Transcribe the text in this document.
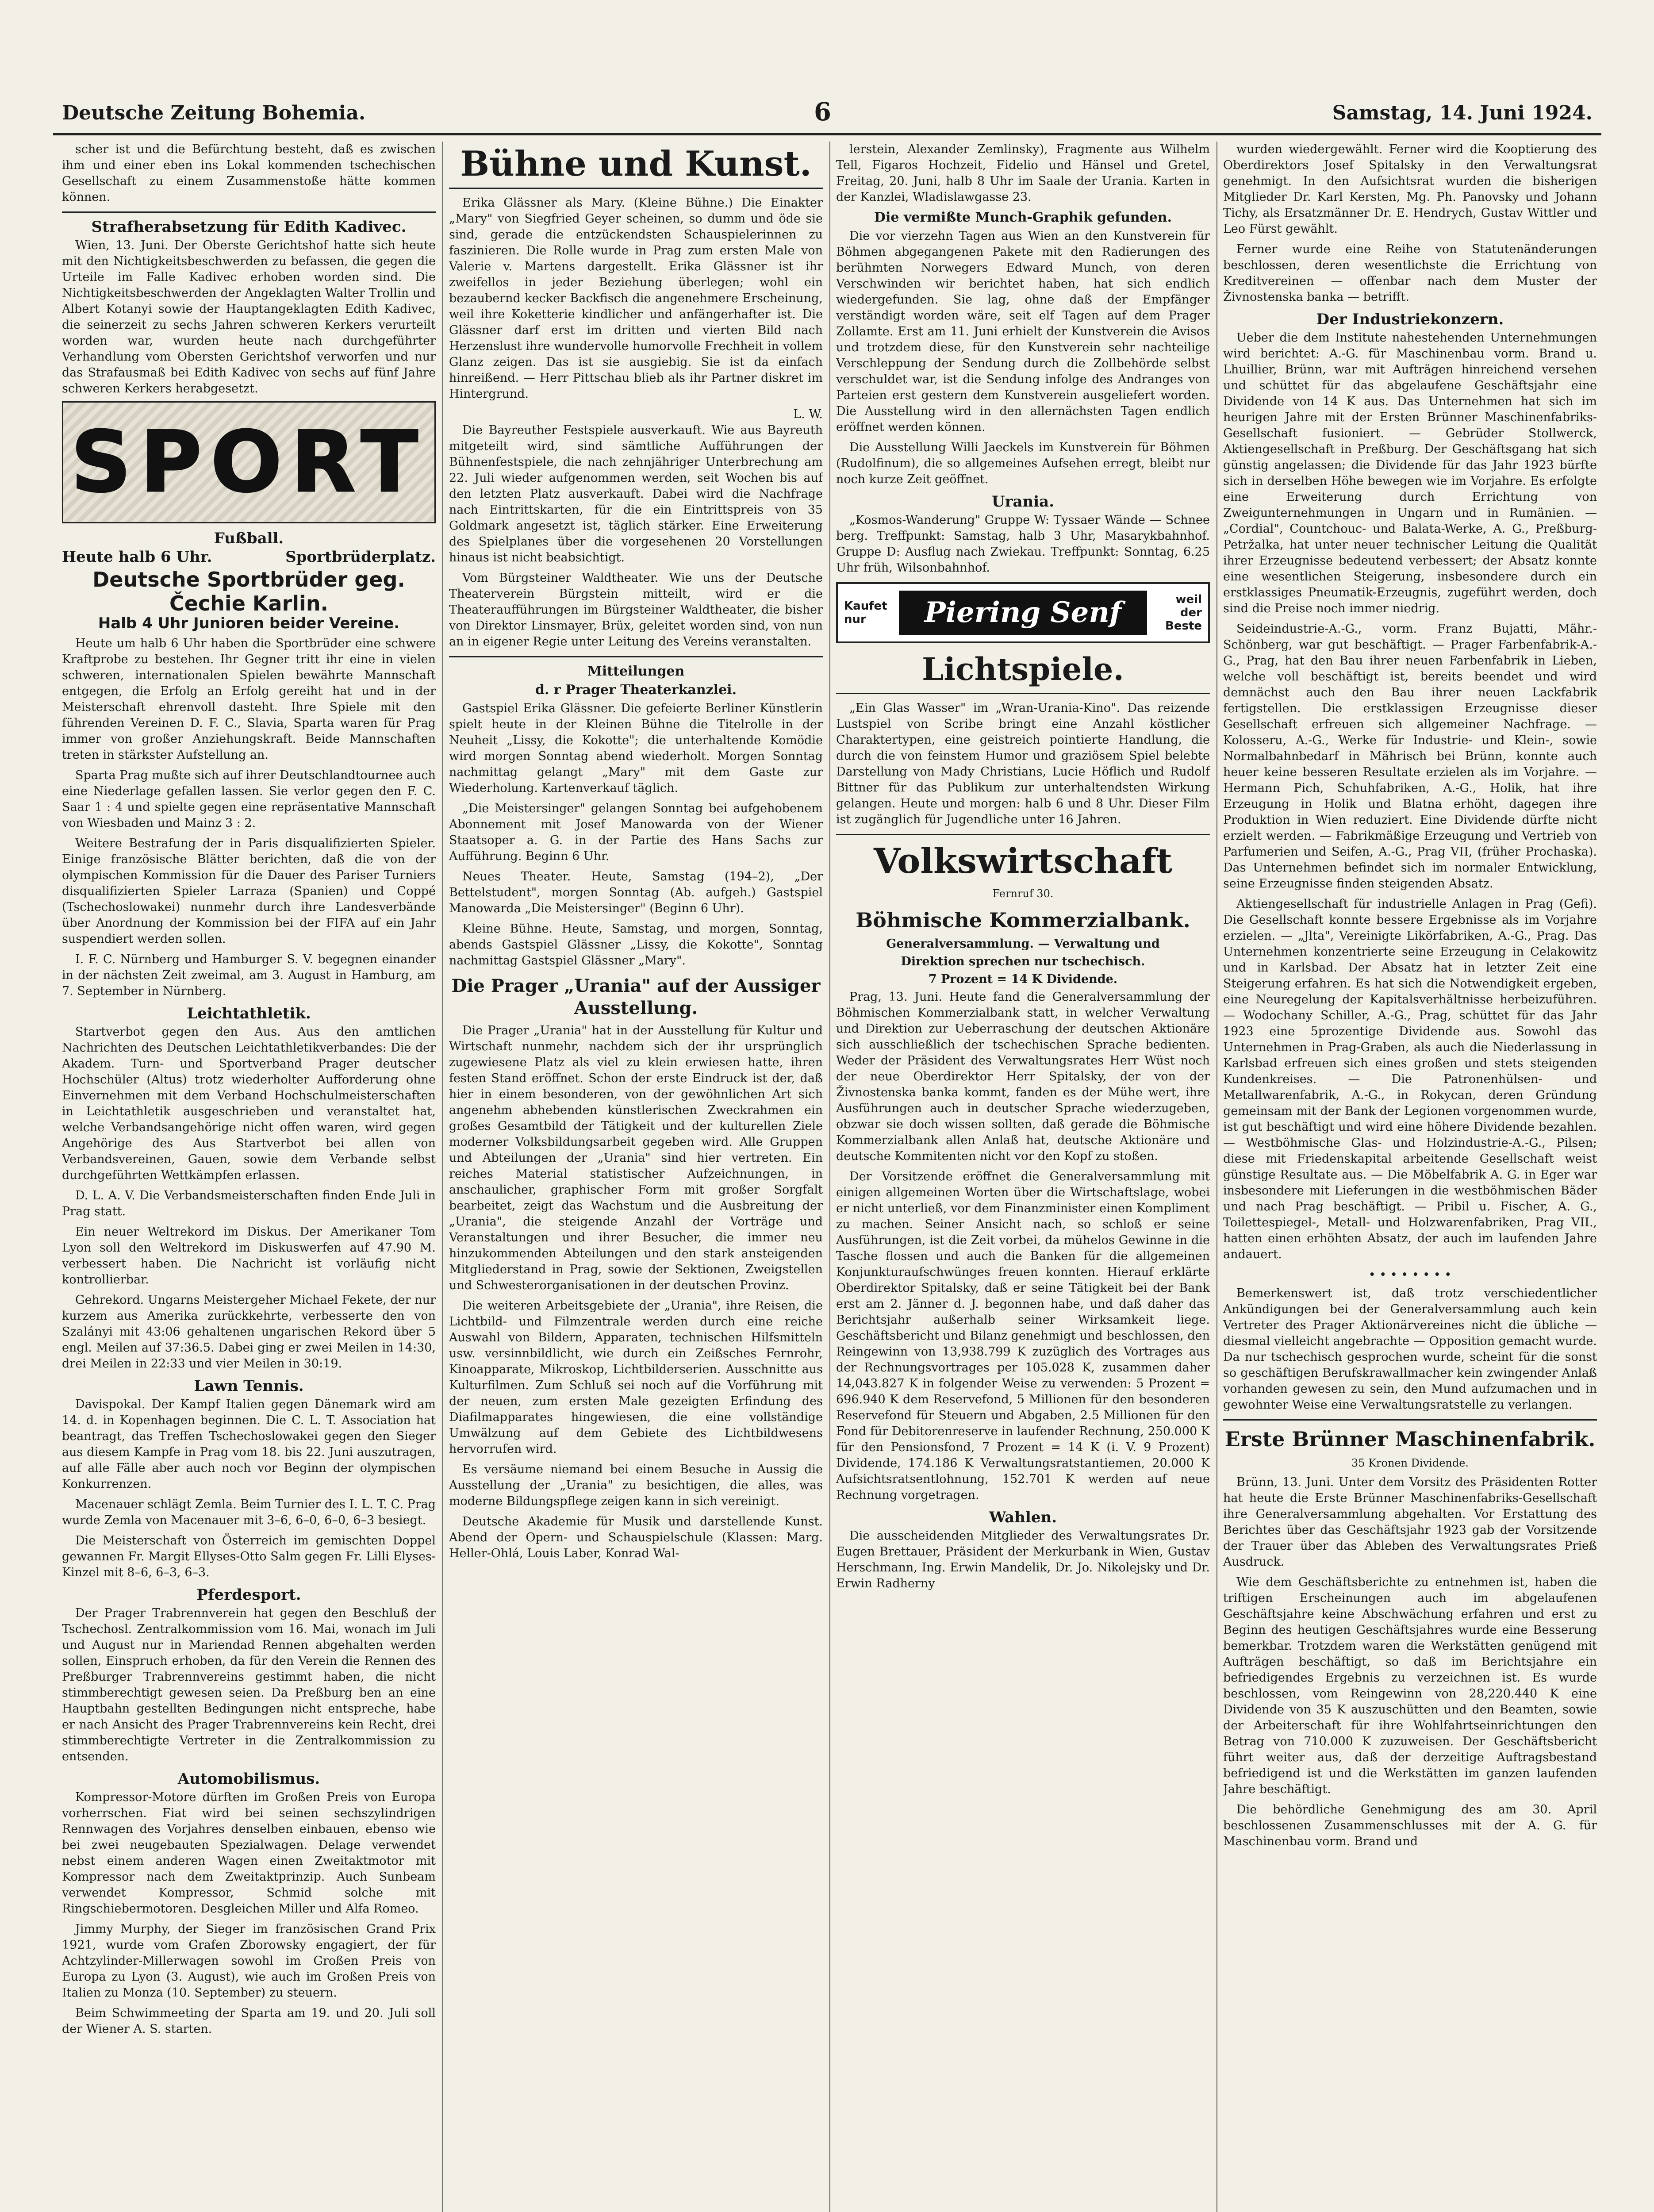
Deutsche Zeitung Bohemia.	6	Samstag, 14. Juni 1924.

scher ist und die Befürchtung besteht, daß es zwischen ihm und einer eben ins Lokal kommenden tschechischen Gesellschaft zu einem Zusammenstoße hätte kommen können.

Strafherabsetzung für Edith Kadivec.

Wien, 13. Juni. Der Oberste Gerichtshof hatte sich heute mit den Nichtigkeitsbeschwerden zu befassen, die gegen die Urteile im Falle Kadivec erhoben worden sind. Die Nichtigkeitsbeschwerden der Angeklagten Walter Trollin und Albert Kotanyi sowie der Hauptangeklagten Edith Kadivec, die seinerzeit zu sechs Jahren schweren Kerkers verurteilt worden war, wurden heute nach durchgeführter Verhandlung vom Obersten Gerichtshof verworfen und nur das Strafausmaß bei Edith Kadivec von sechs auf fünf Jahre schweren Kerkers herabgesetzt.

SPORT
Fußball.
Heute halb 6 Uhr.	Sportbrüderplatz.
Deutsche Sportbrüder geg. Čechie Karlin.
Halb 4 Uhr Junioren beider Vereine.

Heute um halb 6 Uhr haben die Sportbrüder eine schwere Kraftprobe zu bestehen. Ihr Gegner tritt ihr eine in vielen schweren, internationalen Spielen bewährte Mannschaft entgegen, die Erfolg an Erfolg gereiht hat und in der Meisterschaft ehrenvoll dasteht. Ihre Spiele mit den führenden Vereinen D. F. C., Slavia, Sparta waren für Prag immer von großer Anziehungskraft. Beide Mannschaften treten in stärkster Aufstellung an.

Sparta Prag mußte sich auf ihrer Deutschlandtournee auch eine Niederlage gefallen lassen. Sie verlor gegen den F. C. Saar 1 : 4 und spielte gegen eine repräsentative Mannschaft von Wiesbaden und Mainz 3 : 2.

Weitere Bestrafung der in Paris disqualifizierten Spieler. Einige französische Blätter berichten, daß die von der olympischen Kommission für die Dauer des Pariser Turniers disqualifizierten Spieler Larraza (Spanien) und Coppé (Tschechoslowakei) nunmehr durch ihre Landesverbände über Anordnung der Kommission bei der FIFA auf ein Jahr suspendiert werden sollen.

I. F. C. Nürnberg und Hamburger S. V. begegnen einander in der nächsten Zeit zweimal, am 3. August in Hamburg, am 7. September in Nürnberg.

Leichtathletik.

Startverbot gegen den Aus. Aus den amtlichen Nachrichten des Deutschen Leichtathletikverbandes: Die der Akadem. Turn- und Sportverband Prager deutscher Hochschüler (Altus) trotz wiederholter Aufforderung ohne Einvernehmen mit dem Verband Hochschulmeisterschaften in Leichtathletik ausgeschrieben und veranstaltet hat, welche Verbandsangehörige nicht offen waren, wird gegen Angehörige des Aus Startverbot bei allen von Verbandsvereinen, Gauen, sowie dem Verbande selbst durchgeführten Wettkämpfen erlassen.

D. L. A. V. Die Verbandsmeisterschaften finden Ende Juli in Prag statt.

Ein neuer Weltrekord im Diskus. Der Amerikaner Tom Lyon soll den Weltrekord im Diskuswerfen auf 47.90 M. verbessert haben. Die Nachricht ist vorläufig nicht kontrollierbar.

Gehrekord. Ungarns Meistergeher Michael Fekete, der nur kurzem aus Amerika zurückkehrte, verbesserte den von Szalányi mit 43:06 gehaltenen ungarischen Rekord über 5 engl. Meilen auf 37:36.5. Dabei ging er zwei Meilen in 14:30, drei Meilen in 22:33 und vier Meilen in 30:19.

Lawn Tennis.

Davispokal. Der Kampf Italien gegen Dänemark wird am 14. d. in Kopenhagen beginnen. Die C. L. T. Association hat beantragt, das Treffen Tschechoslowakei gegen den Sieger aus diesem Kampfe in Prag vom 18. bis 22. Juni auszutragen, auf alle Fälle aber auch noch vor Beginn der olympischen Konkurrenzen.

Macenauer schlägt Zemla. Beim Turnier des I. L. T. C. Prag wurde Zemla von Macenauer mit 3–6, 6–0, 6–0, 6–3 besiegt.

Die Meisterschaft von Österreich im gemischten Doppel gewannen Fr. Margit Ellyses-Otto Salm gegen Fr. Lilli Elyses-Kinzel mit 8–6, 6–3, 6–3.

Pferdesport.

Der Prager Trabrennverein hat gegen den Beschluß der Tschechosl. Zentralkommission vom 16. Mai, wonach im Juli und August nur in Mariendad Rennen abgehalten werden sollen, Einspruch erhoben, da für den Verein die Rennen des Preßburger Trabrennvereins gestimmt haben, die nicht stimmberechtigt gewesen seien. Da Preßburg ben an eine Hauptbahn gestellten Bedingungen nicht entspreche, habe er nach Ansicht des Prager Trabrennvereins kein Recht, drei stimmberechtigte Vertreter in die Zentralkommission zu entsenden.

Automobilismus.

Kompressor-Motore dürften im Großen Preis von Europa vorherrschen. Fiat wird bei seinen sechszylindrigen Rennwagen des Vorjahres denselben einbauen, ebenso wie bei zwei neugebauten Spezialwagen. Delage verwendet nebst einem anderen Wagen einen Zweitaktmotor mit Kompressor nach dem Zweitaktprinzip. Auch Sunbeam verwendet Kompressor, Schmid solche mit Ringschiebermotoren. Desgleichen Miller und Alfa Romeo.

Jimmy Murphy, der Sieger im französischen Grand Prix 1921, wurde vom Grafen Zborowsky engagiert, der für Achtzylinder-Millerwagen sowohl im Großen Preis von Europa zu Lyon (3. August), wie auch im Großen Preis von Italien zu Monza (10. September) zu steuern.

Beim Schwimmeeting der Sparta am 19. und 20. Juli soll der Wiener A. S. starten.

Bühne und Kunst.

Erika Glässner als Mary. (Kleine Bühne.) Die Einakter „Mary" von Siegfried Geyer scheinen, so dumm und öde sie sind, gerade die entzückendsten Schauspielerinnen zu faszinieren. Die Rolle wurde in Prag zum ersten Male von Valerie v. Martens dargestellt. Erika Glässner ist ihr zweifellos in jeder Beziehung überlegen; wohl ein bezaubernd kecker Backfisch die angenehmere Erscheinung, weil ihre Koketterie kindlicher und anfängerhafter ist. Die Glässner darf erst im dritten und vierten Bild nach Herzenslust ihre wundervolle humorvolle Frechheit in vollem Glanz zeigen. Das ist sie ausgiebig. Sie ist da einfach hinreißend. — Herr Pittschau blieb als ihr Partner diskret im Hintergrund.

L. W.

Die Bayreuther Festspiele ausverkauft. Wie aus Bayreuth mitgeteilt wird, sind sämtliche Aufführungen der Bühnenfestspiele, die nach zehnjähriger Unterbrechung am 22. Juli wieder aufgenommen werden, seit Wochen bis auf den letzten Platz ausverkauft. Dabei wird die Nachfrage nach Eintrittskarten, für die ein Eintrittspreis von 35 Goldmark angesetzt ist, täglich stärker. Eine Erweiterung des Spielplanes über die vorgesehenen 20 Vorstellungen hinaus ist nicht beabsichtigt.

Vom Bürgsteiner Waldtheater. Wie uns der Deutsche Theaterverein Bürgstein mitteilt, wird er die Theateraufführungen im Bürgsteiner Waldtheater, die bisher von Direktor Linsmayer, Brüx, geleitet worden sind, von nun an in eigener Regie unter Leitung des Vereins veranstalten.

Mitteilungen
d. r Prager Theaterkanzlei.

Gastspiel Erika Glässner. Die gefeierte Berliner Künstlerin spielt heute in der Kleinen Bühne die Titelrolle in der Neuheit „Lissy, die Kokotte"; die unterhaltende Komödie wird morgen Sonntag abend wiederholt. Morgen Sonntag nachmittag gelangt „Mary" mit dem Gaste zur Wiederholung. Kartenverkauf täglich.

„Die Meistersinger" gelangen Sonntag bei aufgehobenem Abonnement mit Josef Manowarda von der Wiener Staatsoper a. G. in der Partie des Hans Sachs zur Aufführung. Beginn 6 Uhr.

Neues Theater. Heute, Samstag (194–2), „Der Bettelstudent", morgen Sonntag (Ab. aufgeh.) Gastspiel Manowarda „Die Meistersinger" (Beginn 6 Uhr).

Kleine Bühne. Heute, Samstag, und morgen, Sonntag, abends Gastspiel Glässner „Lissy, die Kokotte", Sonntag nachmittag Gastspiel Glässner „Mary".

Die Prager „Urania" auf der Aussiger Ausstellung.

Die Prager „Urania" hat in der Ausstellung für Kultur und Wirtschaft nunmehr, nachdem sich der ihr ursprünglich zugewiesene Platz als viel zu klein erwiesen hatte, ihren festen Stand eröffnet. Schon der erste Eindruck ist der, daß hier in einem besonderen, von der gewöhnlichen Art sich angenehm abhebenden künstlerischen Zweckrahmen ein großes Gesamtbild der Tätigkeit und der kulturellen Ziele moderner Volksbildungsarbeit gegeben wird. Alle Gruppen und Abteilungen der „Urania" sind hier vertreten. Ein reiches Material statistischer Aufzeichnungen, in anschaulicher, graphischer Form mit großer Sorgfalt bearbeitet, zeigt das Wachstum und die Ausbreitung der „Urania", die steigende Anzahl der Vorträge und Veranstaltungen und ihrer Besucher, die immer neu hinzukommenden Abteilungen und den stark ansteigenden Mitgliederstand in Prag, sowie der Sektionen, Zweigstellen und Schwesterorganisationen in der deutschen Provinz.

Die weiteren Arbeitsgebiete der „Urania", ihre Reisen, die Lichtbild- und Filmzentrale werden durch eine reiche Auswahl von Bildern, Apparaten, technischen Hilfsmitteln usw. versinnbildlicht, wie durch ein Zeißsches Fernrohr, Kinoapparate, Mikroskop, Lichtbilderserien. Ausschnitte aus Kulturfilmen. Zum Schluß sei noch auf die Vorführung mit der neuen, zum ersten Male gezeigten Erfindung des Diafilmapparates hingewiesen, die eine vollständige Umwälzung auf dem Gebiete des Lichtbildwesens hervorrufen wird.

Es versäume niemand bei einem Besuche in Aussig die Ausstellung der „Urania" zu besichtigen, die alles, was moderne Bildungspflege zeigen kann in sich vereinigt.

Deutsche Akademie für Musik und darstellende Kunst. Abend der Opern- und Schauspielschule (Klassen: Marg. Heller-Ohlá, Louis Laber, Konrad Wal-

lerstein, Alexander Zemlinsky), Fragmente aus Wilhelm Tell, Figaros Hochzeit, Fidelio und Hänsel und Gretel, Freitag, 20. Juni, halb 8 Uhr im Saale der Urania. Karten in der Kanzlei, Wladislawgasse 23.

Die vermißte Munch-Graphik gefunden.

Die vor vierzehn Tagen aus Wien an den Kunstverein für Böhmen abgegangenen Pakete mit den Radierungen des berühmten Norwegers Edward Munch, von deren Verschwinden wir berichtet haben, hat sich endlich wiedergefunden. Sie lag, ohne daß der Empfänger verständigt worden wäre, seit elf Tagen auf dem Prager Zollamte. Erst am 11. Juni erhielt der Kunstverein die Avisos und trotzdem diese, für den Kunstverein sehr nachteilige Verschleppung der Sendung durch die Zollbehörde selbst verschuldet war, ist die Sendung infolge des Andranges von Parteien erst gestern dem Kunstverein ausgeliefert worden. Die Ausstellung wird in den allernächsten Tagen endlich eröffnet werden können.

Die Ausstellung Willi Jaeckels im Kunstverein für Böhmen (Rudolfinum), die so allgemeines Aufsehen erregt, bleibt nur noch kurze Zeit geöffnet.

Urania.

„Kosmos-Wanderung" Gruppe W: Tyssaer Wände — Schnee berg. Treffpunkt: Samstag, halb 3 Uhr, Masarykbahnhof. Gruppe D: Ausflug nach Zwiekau. Treffpunkt: Sonntag, 6.25 Uhr früh, Wilsonbahnhof.

Kaufet nur	Piering Senf	weil der Beste
Lichtspiele.

„Ein Glas Wasser" im „Wran-Urania-Kino". Das reizende Lustspiel von Scribe bringt eine Anzahl köstlicher Charaktertypen, eine geistreich pointierte Handlung, die durch die von feinstem Humor und graziösem Spiel belebte Darstellung von Mady Christians, Lucie Höflich und Rudolf Bittner für das Publikum zur unterhaltendsten Wirkung gelangen. Heute und morgen: halb 6 und 8 Uhr. Dieser Film ist zugänglich für Jugendliche unter 16 Jahren.

Volkswirtschaft
Fernruf 30.
Böhmische Kommerzialbank.
Generalversammlung. — Verwaltung und
Direktion sprechen nur tschechisch.
7 Prozent = 14 K Dividende.

Prag, 13. Juni. Heute fand die Generalversammlung der Böhmischen Kommerzialbank statt, in welcher Verwaltung und Direktion zur Ueberraschung der deutschen Aktionäre sich ausschließlich der tschechischen Sprache bedienten. Weder der Präsident des Verwaltungsrates Herr Wüst noch der neue Oberdirektor Herr Spitalsky, der von der Živnostenska banka kommt, fanden es der Mühe wert, ihre Ausführungen auch in deutscher Sprache wiederzugeben, obzwar sie doch wissen sollten, daß gerade die Böhmische Kommerzialbank allen Anlaß hat, deutsche Aktionäre und deutsche Kommitenten nicht vor den Kopf zu stoßen.

Der Vorsitzende eröffnet die Generalversammlung mit einigen allgemeinen Worten über die Wirtschaftslage, wobei er nicht unterließ, vor dem Finanzminister einen Kompliment zu machen. Seiner Ansicht nach, so schloß er seine Ausführungen, ist die Zeit vorbei, da mühelos Gewinne in die Tasche flossen und auch die Banken für die allgemeinen Konjunkturaufschwünges freuen konnten. Hierauf erklärte Oberdirektor Spitalsky, daß er seine Tätigkeit bei der Bank erst am 2. Jänner d. J. begonnen habe, und daß daher das Berichtsjahr außerhalb seiner Wirksamkeit liege. Geschäftsbericht und Bilanz genehmigt und beschlossen, den Reingewinn von 13,938.799 K zuzüglich des Vortrages aus der Rechnungsvortrages per 105.028 K, zusammen daher 14,043.827 K in folgender Weise zu verwenden: 5 Prozent = 696.940 K dem Reservefond, 5 Millionen für den besonderen Reservefond für Steuern und Abgaben, 2.5 Millionen für den Fond für Debitorenreserve in laufender Rechnung, 250.000 K für den Pensionsfond, 7 Prozent = 14 K (i. V. 9 Prozent) Dividende, 174.186 K Verwaltungsratstantiemen, 20.000 K Aufsichtsratsentlohnung, 152.701 K werden auf neue Rechnung vorgetragen.

Wahlen.

Die ausscheidenden Mitglieder des Verwaltungsrates Dr. Eugen Brettauer, Präsident der Merkurbank in Wien, Gustav Herschmann, Ing. Erwin Mandelik, Dr. Jo. Nikolejsky und Dr. Erwin Radherny

wurden wiedergewählt. Ferner wird die Kooptierung des Oberdirektors Josef Spitalsky in den Verwaltungsrat genehmigt. In den Aufsichtsrat wurden die bisherigen Mitglieder Dr. Karl Kersten, Mg. Ph. Panovsky und Johann Tichy, als Ersatzmänner Dr. E. Hendrych, Gustav Wittler und Leo Fürst gewählt.

Ferner wurde eine Reihe von Statutenänderungen beschlossen, deren wesentlichste die Errichtung von Kreditvereinen — offenbar nach dem Muster der Živnostenska banka — betrifft.

Der Industriekonzern.

Ueber die dem Institute nahestehenden Unternehmungen wird berichtet: A.-G. für Maschinenbau vorm. Brand u. Lhuillier, Brünn, war mit Aufträgen hinreichend versehen und schüttet für das abgelaufene Geschäftsjahr eine Dividende von 14 K aus. Das Unternehmen hat sich im heurigen Jahre mit der Ersten Brünner Maschinenfabriks-Gesellschaft fusioniert. — Gebrüder Stollwerck, Aktiengesellschaft in Preßburg. Der Geschäftsgang hat sich günstig angelassen; die Dividende für das Jahr 1923 bürfte sich in derselben Höhe bewegen wie im Vorjahre. Es erfolgte eine Erweiterung durch Errichtung von Zweigunternehmungen in Ungarn und in Rumänien. — „Cordial", Countchouc- und Balata-Werke, A. G., Preßburg-Petržalka, hat unter neuer technischer Leitung die Qualität ihrer Erzeugnisse bedeutend verbessert; der Absatz konnte eine wesentlichen Steigerung, insbesondere durch ein erstklassiges Pneumatik-Erzeugnis, zugeführt werden, doch sind die Preise noch immer niedrig.

Seideindustrie-A.-G., vorm. Franz Bujatti, Mähr.-Schönberg, war gut beschäftigt. — Prager Farbenfabrik-A.-G., Prag, hat den Bau ihrer neuen Farbenfabrik in Lieben, welche voll beschäftigt ist, bereits beendet und wird demnächst auch den Bau ihrer neuen Lackfabrik fertigstellen. Die erstklassigen Erzeugnisse dieser Gesellschaft erfreuen sich allgemeiner Nachfrage. — Kolosseru, A.-G., Werke für Industrie- und Klein-, sowie Normalbahnbedarf in Mährisch bei Brünn, konnte auch heuer keine besseren Resultate erzielen als im Vorjahre. — Hermann Pich, Schuhfabriken, A.-G., Holik, hat ihre Erzeugung in Holik und Blatna erhöht, dagegen ihre Produktion in Wien reduziert. Eine Dividende dürfte nicht erzielt werden. — Fabrikmäßige Erzeugung und Vertrieb von Parfumerien und Seifen, A.-G., Prag VII, (früher Prochaska). Das Unternehmen befindet sich im normaler Entwicklung, seine Erzeugnisse finden steigenden Absatz.

Aktiengesellschaft für industrielle Anlagen in Prag (Gefi). Die Gesellschaft konnte bessere Ergebnisse als im Vorjahre erzielen. — „Jlta", Vereinigte Likörfabriken, A.-G., Prag. Das Unternehmen konzentrierte seine Erzeugung in Celakowitz und in Karlsbad. Der Absatz hat in letzter Zeit eine Steigerung erfahren. Es hat sich die Notwendigkeit ergeben, eine Neuregelung der Kapitalsverhältnisse herbeizuführen. — Wodochany Schiller, A.-G., Prag, schüttet für das Jahr 1923 eine 5prozentige Dividende aus. Sowohl das Unternehmen in Prag-Graben, als auch die Niederlassung in Karlsbad erfreuen sich eines großen und stets steigenden Kundenkreises. — Die Patronenhülsen- und Metallwarenfabrik, A.-G., in Rokycan, deren Gründung gemeinsam mit der Bank der Legionen vorgenommen wurde, ist gut beschäftigt und wird eine höhere Dividende bezahlen. — Westböhmische Glas- und Holzindustrie-A.-G., Pilsen; diese mit Friedenskapital arbeitende Gesellschaft weist günstige Resultate aus. — Die Möbelfabrik A. G. in Eger war insbesondere mit Lieferungen in die westböhmischen Bäder und nach Prag beschäftigt. — Pribil u. Fischer, A. G., Toilettespiegel-, Metall- und Holzwarenfabriken, Prag VII., hatten einen erhöhten Absatz, der auch im laufenden Jahre andauert.

• • • • • • • •

Bemerkenswert ist, daß trotz verschiedentlicher Ankündigungen bei der Generalversammlung auch kein Vertreter des Prager Aktionärvereines nicht die übliche — diesmal vielleicht angebrachte — Opposition gemacht wurde. Da nur tschechisch gesprochen wurde, scheint für die sonst so geschäftigen Berufskrawallmacher kein zwingender Anlaß vorhanden gewesen zu sein, den Mund aufzumachen und in gewohnter Weise eine Verwaltungsratstelle zu verlangen.

Erste Brünner Maschinenfabrik.
35 Kronen Dividende.

Brünn, 13. Juni. Unter dem Vorsitz des Präsidenten Rotter hat heute die Erste Brünner Maschinenfabriks-Gesellschaft ihre Generalversammlung abgehalten. Vor Erstattung des Berichtes über das Geschäftsjahr 1923 gab der Vorsitzende der Trauer über das Ableben des Verwaltungsrates Prieß Ausdruck.

Wie dem Geschäftsberichte zu entnehmen ist, haben die triftigen Erscheinungen auch im abgelaufenen Geschäftsjahre keine Abschwächung erfahren und erst zu Beginn des heutigen Geschäftsjahres wurde eine Besserung bemerkbar. Trotzdem waren die Werkstätten genügend mit Aufträgen beschäftigt, so daß im Berichtsjahre ein befriedigendes Ergebnis zu verzeichnen ist. Es wurde beschlossen, vom Reingewinn von 28,220.440 K eine Dividende von 35 K auszuschütten und den Beamten, sowie der Arbeiterschaft für ihre Wohlfahrtseinrichtungen den Betrag von 710.000 K zuzuweisen. Der Geschäftsbericht führt weiter aus, daß der derzeitige Auftragsbestand befriedigend ist und die Werkstätten im ganzen laufenden Jahre beschäftigt.

Die behördliche Genehmigung des am 30. April beschlossenen Zusammenschlusses mit der A. G. für Maschinenbau vorm. Brand und
